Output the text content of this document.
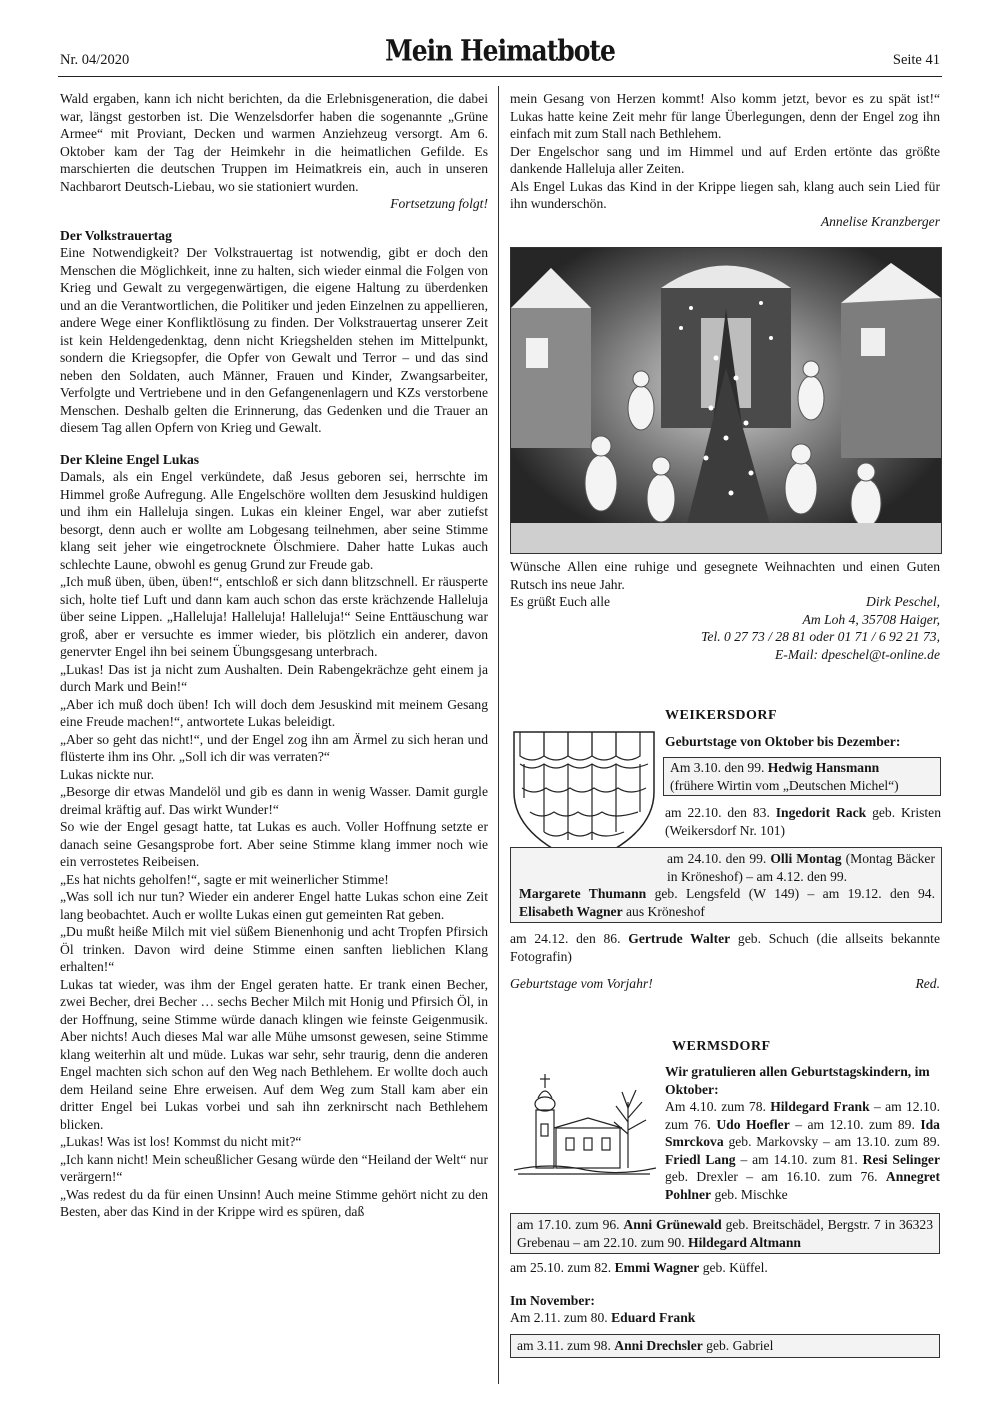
Nr. 04/2020	Mein Heimatbote	Seite 41

Wald ergaben, kann ich nicht berichten, da die Erlebnisgeneration, die dabei war, längst gestorben ist. Die Wenzelsdorfer haben die sogenannte „Grüne Armee“ mit Proviant, Decken und warmen Anziehzeug versorgt. Am 6. Oktober kam der Tag der Heimkehr in die heimatlichen Gefilde. Es marschierten die deutschen Truppen im Heimatkreis ein, auch in unseren Nachbarort Deutsch-Liebau, wo sie stationiert wurden.

Fortsetzung folgt!

Der Volkstrauertag

Eine Notwendigkeit? Der Volkstrauertag ist notwendig, gibt er doch den Menschen die Möglichkeit, inne zu halten, sich wieder einmal die Folgen von Krieg und Gewalt zu vergegenwärtigen, die eigene Haltung zu überdenken und an die Verantwortlichen, die Politiker und jeden Einzelnen zu appellieren, andere Wege einer Konfliktlösung zu finden. Der Volkstrauertag unserer Zeit ist kein Heldengedenktag, denn nicht Kriegshelden stehen im Mittelpunkt, sondern die Kriegsopfer, die Opfer von Gewalt und Terror – und das sind neben den Soldaten, auch Männer, Frauen und Kinder, Zwangsarbeiter, Verfolgte und Vertriebene und in den Gefangenenlagern und KZs verstorbene Menschen. Deshalb gelten die Erinnerung, das Gedenken und die Trauer an diesem Tag allen Opfern von Krieg und Gewalt.

Der Kleine Engel Lukas

Damals, als ein Engel verkündete, daß Jesus geboren sei, herrschte im Himmel große Aufregung. Alle Engelschöre wollten dem Jesuskind huldigen und ihm ein Halleluja singen. Lukas ein kleiner Engel, war aber zutiefst besorgt, denn auch er wollte am Lobgesang teilnehmen, aber seine Stimme klang seit jeher wie eingetrocknete Ölschmiere. Daher hatte Lukas auch schlechte Laune, obwohl es genug Grund zur Freude gab.

„Ich muß üben, üben, üben!“, entschloß er sich dann blitzschnell. Er räusperte sich, holte tief Luft und dann kam auch schon das erste krächzende Halleluja über seine Lippen. „Halleluja! Halleluja! Halleluja!“ Seine Enttäuschung war groß, aber er versuchte es immer wieder, bis plötzlich ein anderer, davon genervter Engel ihn bei seinem Übungsgesang unterbrach.

„Lukas! Das ist ja nicht zum Aushalten. Dein Rabengekrächze geht einem ja durch Mark und Bein!“

„Aber ich muß doch üben! Ich will doch dem Jesuskind mit meinem Gesang eine Freude machen!“, antwortete Lukas beleidigt.

„Aber so geht das nicht!“, und der Engel zog ihn am Ärmel zu sich heran und flüsterte ihm ins Ohr. „Soll ich dir was verraten?“

Lukas nickte nur.

„Besorge dir etwas Mandelöl und gib es dann in wenig Wasser. Damit gurgle dreimal kräftig auf. Das wirkt Wunder!“

So wie der Engel gesagt hatte, tat Lukas es auch. Voller Hoffnung setzte er danach seine Gesangsprobe fort. Aber seine Stimme klang immer noch wie ein verrostetes Reibeisen.

„Es hat nichts geholfen!“, sagte er mit weinerlicher Stimme!

„Was soll ich nur tun? Wieder ein anderer Engel hatte Lukas schon eine Zeit lang beobachtet. Auch er wollte Lukas einen gut gemeinten Rat geben.

„Du mußt heiße Milch mit viel süßem Bienenhonig und acht Tropfen Pfirsich Öl trinken. Davon wird deine Stimme einen sanften lieblichen Klang erhalten!“

Lukas tat wieder, was ihm der Engel geraten hatte. Er trank einen Becher, zwei Becher, drei Becher … sechs Becher Milch mit Honig und Pfirsich Öl, in der Hoffnung, seine Stimme würde danach klingen wie feinste Geigenmusik. Aber nichts! Auch dieses Mal war alle Mühe umsonst gewesen, seine Stimme klang weiterhin alt und müde. Lukas war sehr, sehr traurig, denn die anderen Engel machten sich schon auf den Weg nach Bethlehem. Er wollte doch auch dem Heiland seine Ehre erweisen. Auf dem Weg zum Stall kam aber ein dritter Engel bei Lukas vorbei und sah ihn zerknirscht nach Bethlehem blicken.

„Lukas! Was ist los! Kommst du nicht mit?“

„Ich kann nicht! Mein scheußlicher Gesang würde den “Heiland der Welt“ nur verärgern!“

„Was redest du da für einen Unsinn! Auch meine Stimme gehört nicht zu den Besten, aber das Kind in der Krippe wird es spüren, daß

mein Gesang von Herzen kommt! Also komm jetzt, bevor es zu spät ist!“ Lukas hatte keine Zeit mehr für lange Überlegungen, denn der Engel zog ihn einfach mit zum Stall nach Bethlehem.

Der Engelschor sang und im Himmel und auf Erden ertönte das größte dankende Halleluja aller Zeiten.

Als Engel Lukas das Kind in der Krippe liegen sah, klang auch sein Lied für ihn wunderschön.

Annelise Kranzberger

Wünsche Allen eine ruhige und gesegnete Weihnachten und einen Guten Rutsch ins neue Jahr.

Es grüßt Euch alle	Dirk Peschel,

Am Loh 4, 35708 Haiger,

Tel. 0 27 73 / 28 81 oder 01 71 / 6 92 21 73,

E-Mail: dpeschel@t-online.de

WEIKERSDORF
Geburtstage von Oktober bis Dezember:
Am 3.10. den 99. Hedwig Hansmann
(frühere Wirtin vom „Deutschen Michel“)

am 22.10. den 83. Ingedorit Rack geb. Kristen (Weikersdorf Nr. 101)

am 24.10. den 99. Olli Montag (Montag Bäcker in Kröneshof) – am 4.12. den 99.

Margarete Thumann geb. Lengsfeld (W 149) – am 19.12. den 94. Elisabeth Wagner aus Kröneshof

am 24.12. den 86. Gertrude Walter geb. Schuch (die allseits bekannte Fotografin)

Geburtstage vom Vorjahr!	Red.
WERMSDORF
Wir gratulieren allen Geburtstagskindern, im Oktober:

Am 4.10. zum 78. Hildegard Frank – am 12.10. zum 76. Udo Hoefler – am 12.10. zum 89. Ida Smrckova geb. Markovsky – am 13.10. zum 89. Friedl Lang – am 14.10. zum 81. Resi Selinger geb. Drexler – am 16.10. zum 76. Annegret Pohlner geb. Mischke

am 17.10. zum 96. Anni Grünewald geb. Breitschädel, Bergstr. 7 in 36323 Grebenau – am 22.10. zum 90. Hildegard Altmann

am 25.10. zum 82. Emmi Wagner geb. Küffel.

Im November:

Am 2.11. zum 80. Eduard Frank

am 3.11. zum 98. Anni Drechsler geb. Gabriel
